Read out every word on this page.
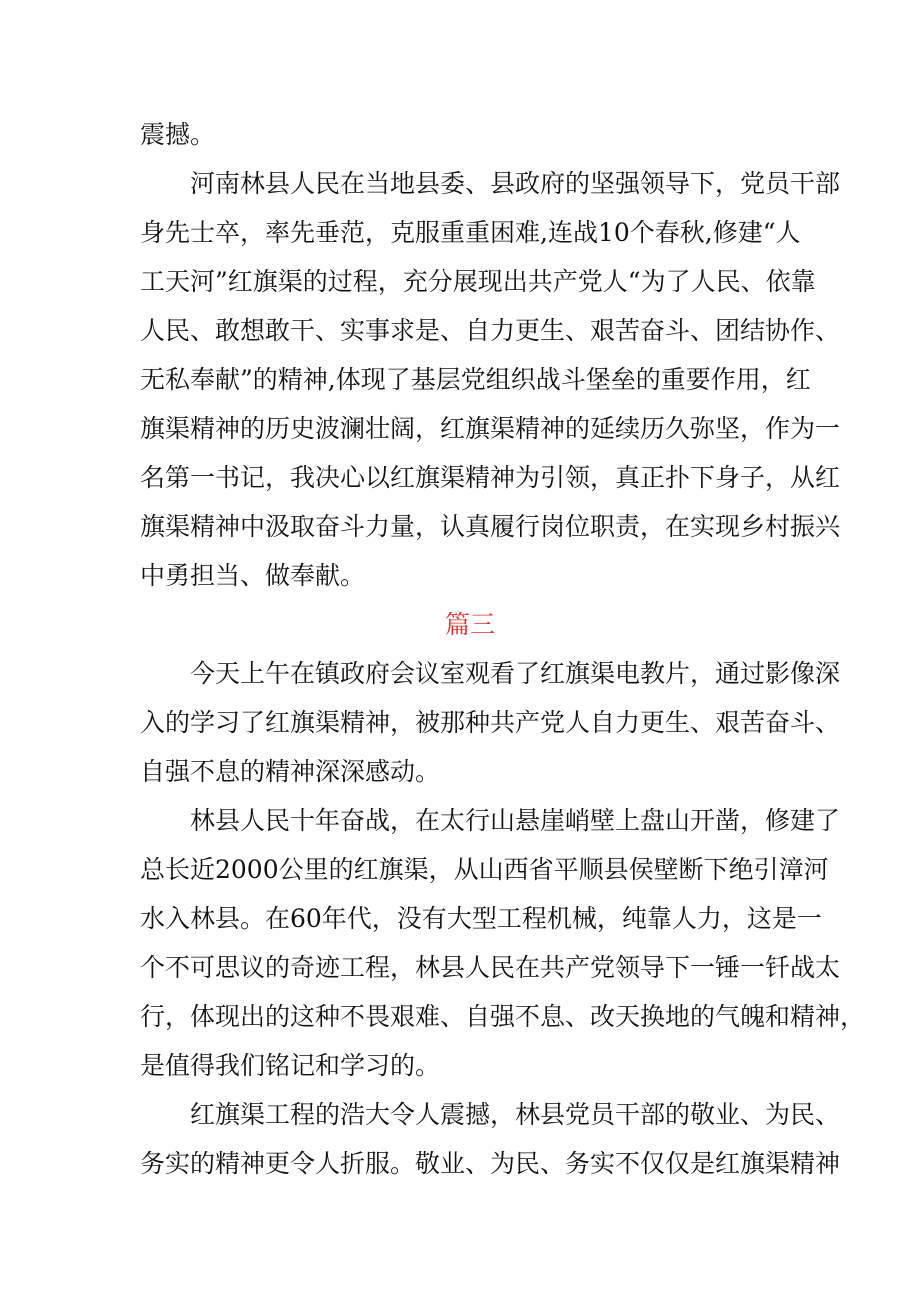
震撼。
河南林县人民在当地县委、县政府的坚强领导下，党员干部
身先士卒，率先垂范，克服重重困难,连战10个春秋,修建“人
工天河”红旗渠的过程，充分展现出共产党人“为了人民、依靠
人民、敢想敢干、实事求是、自力更生、艰苦奋斗、团结协作、
无私奉献”的精神,体现了基层党组织战斗堡垒的重要作用，红
旗渠精神的历史波澜壮阔，红旗渠精神的延续历久弥坚，作为一
名第一书记，我决心以红旗渠精神为引领，真正扑下身子，从红
旗渠精神中汲取奋斗力量，认真履行岗位职责，在实现乡村振兴
中勇担当、做奉献。
篇三
今天上午在镇政府会议室观看了红旗渠电教片，通过影像深
入的学习了红旗渠精神，被那种共产党人自力更生、艰苦奋斗、
自强不息的精神深深感动。
林县人民十年奋战，在太行山悬崖峭壁上盘山开凿，修建了
总长近2000公里的红旗渠，从山西省平顺县侯壁断下绝引漳河
水入林县。在60年代，没有大型工程机械，纯靠人力，这是一
个不可思议的奇迹工程，林县人民在共产党领导下一锤一钎战太
行，体现出的这种不畏艰难、自强不息、改天换地的气魄和精神，
是值得我们铭记和学习的。
红旗渠工程的浩大令人震撼，林县党员干部的敬业、为民、
务实的精神更令人折服。敬业、为民、务实不仅仅是红旗渠精神
